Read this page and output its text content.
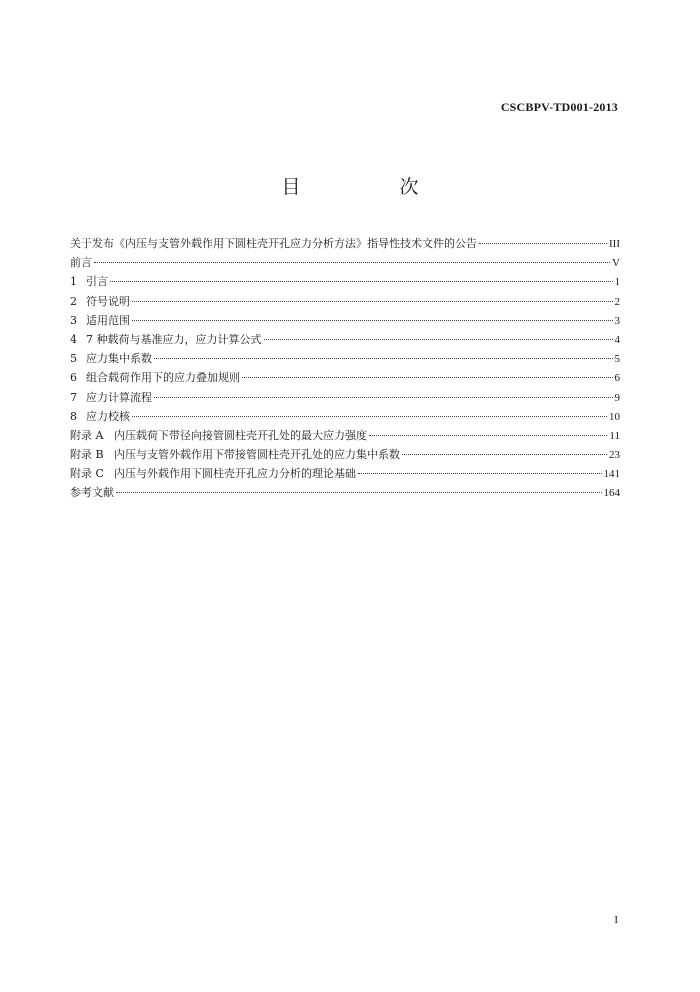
CSCBPV-TD001-2013
目　次
关于发布《内压与支管外载作用下圆柱壳开孔应力分析方法》指导性技术文件的公告	III
前言	V
1 引言	1
2 符号说明	2
3 适用范围	3
4 7 种载荷与基准应力，应力计算公式	4
5 应力集中系数	5
6 组合载荷作用下的应力叠加规则	6
7 应力计算流程	9
8 应力校核	10
附录 A 内压载荷下带径向接管圆柱壳开孔处的最大应力强度	11
附录 B 内压与支管外载作用下带接管圆柱壳开孔处的应力集中系数	23
附录 C 内压与外载作用下圆柱壳开孔应力分析的理论基础	141
参考文献	164
I
